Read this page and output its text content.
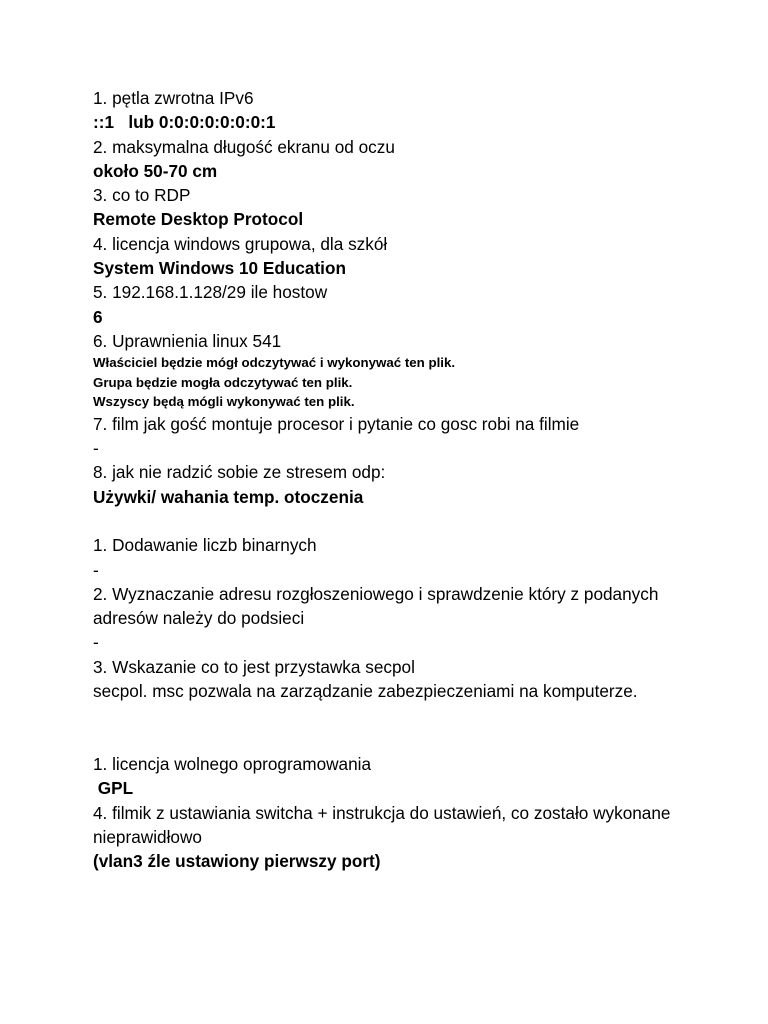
1. pętla zwrotna IPv6
::1   lub 0:0:0:0:0:0:0:1
2. maksymalna długość ekranu od oczu
około 50-70 cm
3. co to RDP
Remote Desktop Protocol
4. licencja windows grupowa, dla szkół
System Windows 10 Education
5. 192.168.1.128/29 ile hostow
6
6. Uprawnienia linux 541
Właściciel będzie mógł odczytywać i wykonywać ten plik.
Grupa będzie mogła odczytywać ten plik.
Wszyscy będą mógli wykonywać ten plik.
7. film jak gość montuje procesor i pytanie co gosc robi na filmie
-
8. jak nie radzić sobie ze stresem odp:
Używki/ wahania temp. otoczenia
1. Dodawanie liczb binarnych
-
2. Wyznaczanie adresu rozgłoszeniowego i sprawdzenie który z podanych adresów należy do podsieci
-
3. Wskazanie co to jest przystawka secpol
secpol. msc pozwala na zarządzanie zabezpieczeniami na komputerze.
1. licencja wolnego oprogramowania
GPL
4. filmik z ustawiania switcha + instrukcja do ustawień, co zostało wykonane nieprawidłowo
(vlan3 źle ustawiony pierwszy port)
